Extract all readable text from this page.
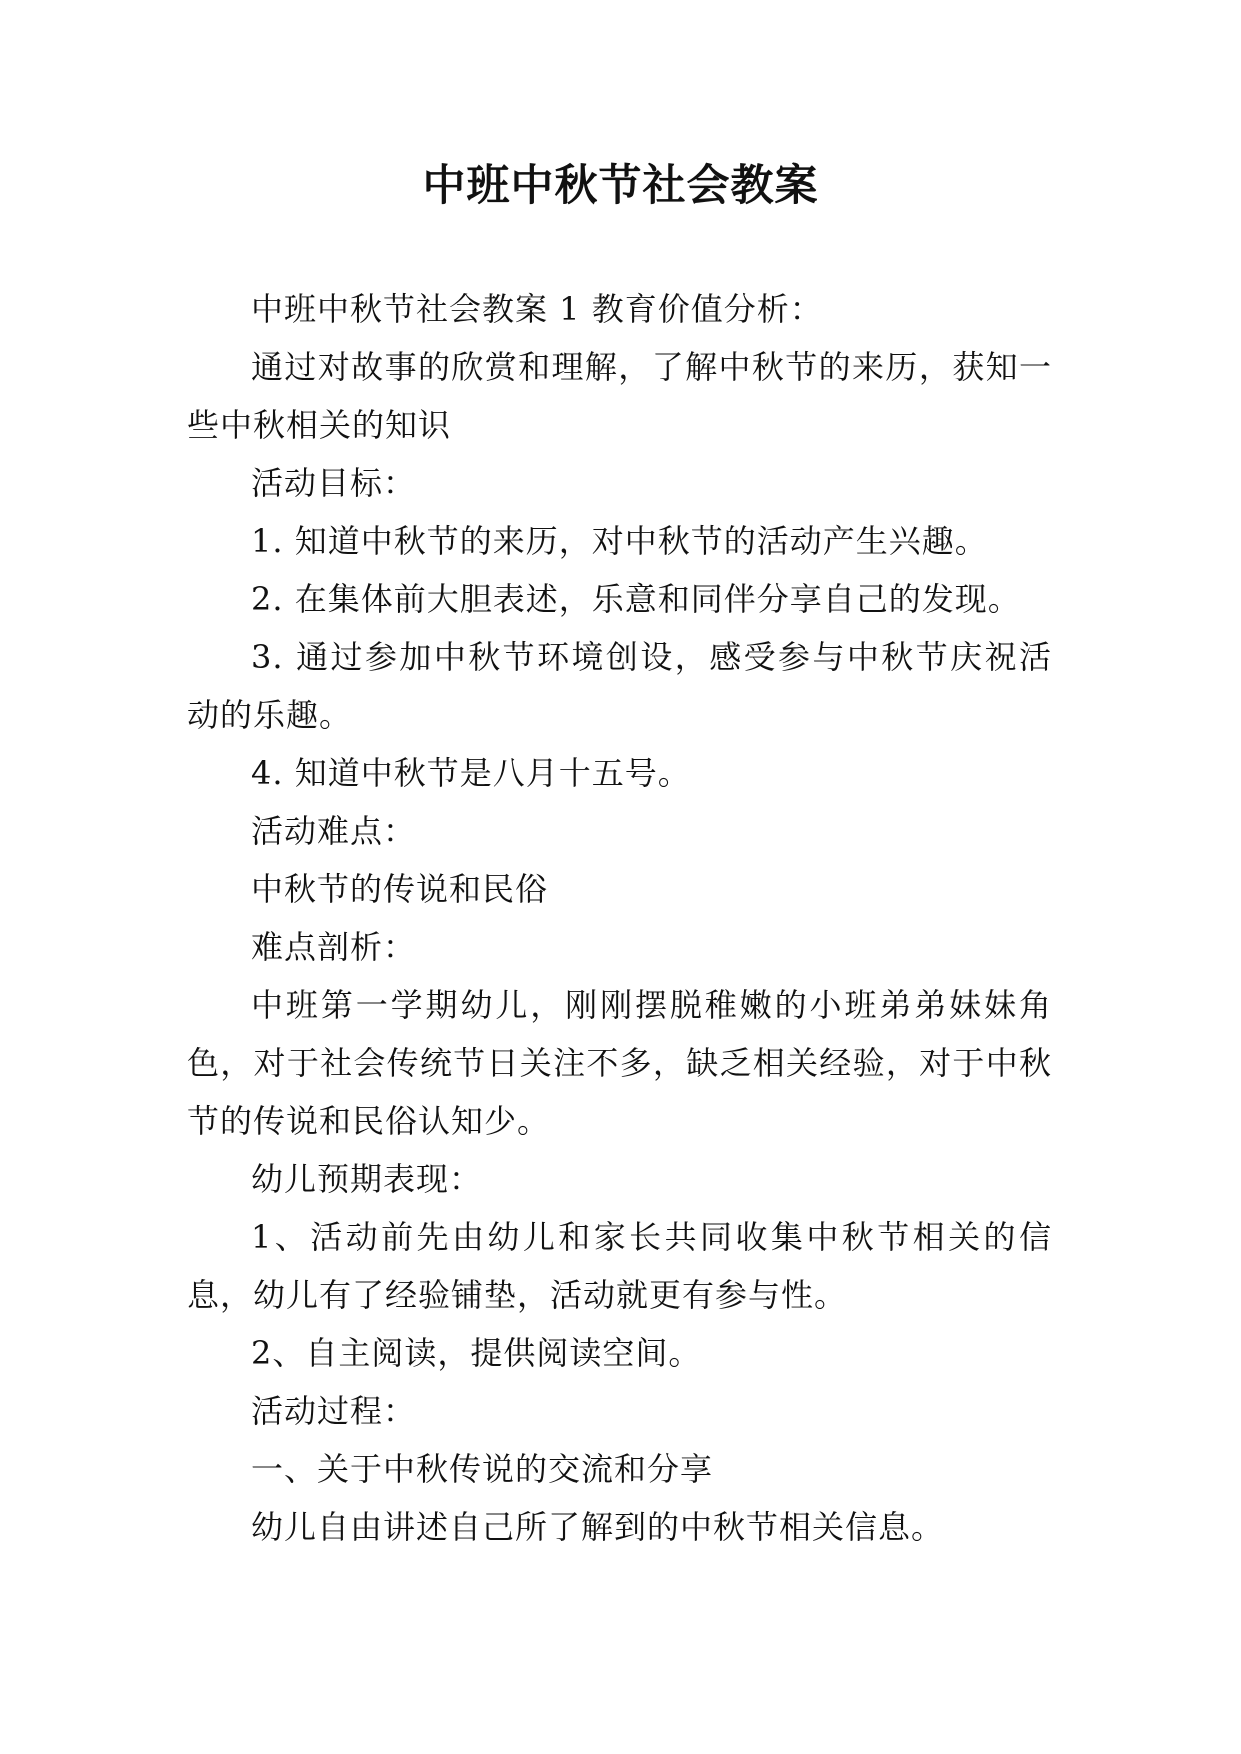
中班中秋节社会教案

中班中秋节社会教案 1 教育价值分析：

通过对故事的欣赏和理解，了解中秋节的来历，获知一些中秋相关的知识

活动目标：

1. 知道中秋节的来历，对中秋节的活动产生兴趣。

2. 在集体前大胆表述，乐意和同伴分享自己的发现。

3. 通过参加中秋节环境创设，感受参与中秋节庆祝活动的乐趣。

4. 知道中秋节是八月十五号。

活动难点：

中秋节的传说和民俗

难点剖析：

中班第一学期幼儿，刚刚摆脱稚嫩的小班弟弟妹妹角色，对于社会传统节日关注不多，缺乏相关经验，对于中秋节的传说和民俗认知少。

幼儿预期表现：

1、活动前先由幼儿和家长共同收集中秋节相关的信息，幼儿有了经验铺垫，活动就更有参与性。

2、自主阅读，提供阅读空间。

活动过程：

一、关于中秋传说的交流和分享

幼儿自由讲述自己所了解到的中秋节相关信息。
